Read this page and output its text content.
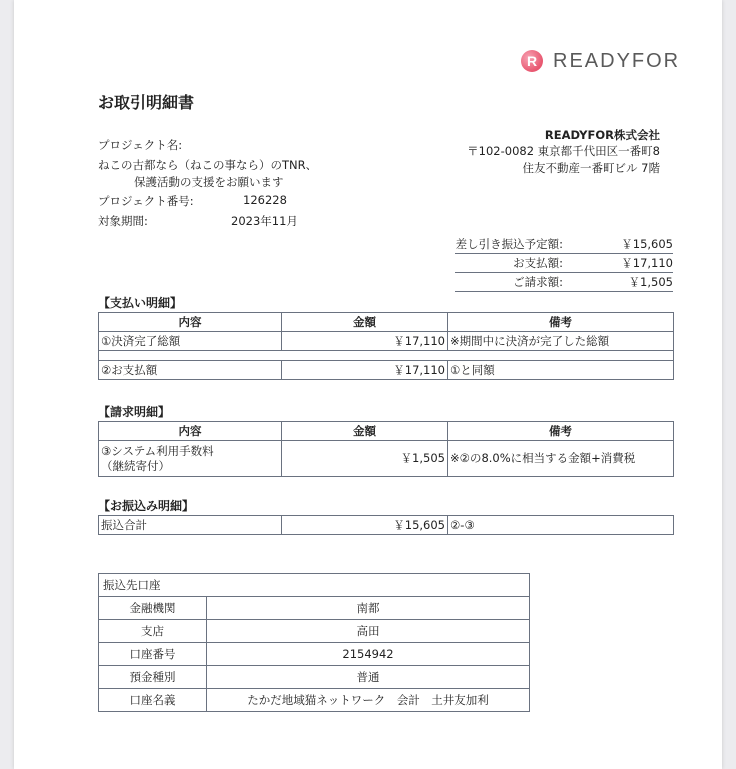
R READYFOR
お取引明細書
プロジェクト名:
ねこの古都なら（ねこの事なら）のTNR、
保護活動の支援をお願います
プロジェクト番号:	126228
対象期間:	2023年11月
READYFOR株式会社
〒102-0082 東京都千代田区一番町8
住友不動産一番町ビル 7階
差し引き振込予定額:	￥15,605
お支払額:	￥17,110
ご請求額:	￥1,505
【支払い明細】
内容	金額	備考
①決済完了総額	￥17,110	※期間中に決済が完了した総額

②お支払額	￥17,110	①と同額
【請求明細】
内容	金額	備考

③システム利用手数料
（継続寄付）	￥1,505	※②の8.0%に相当する金額+消費税
【お振込み明細】
振込合計	￥15,605	②-③
振込先口座	
金融機関	南都
支店	高田
口座番号	2154942
預金種別	普通
口座名義	たかだ地域猫ネットワーク　会計　土井友加利
